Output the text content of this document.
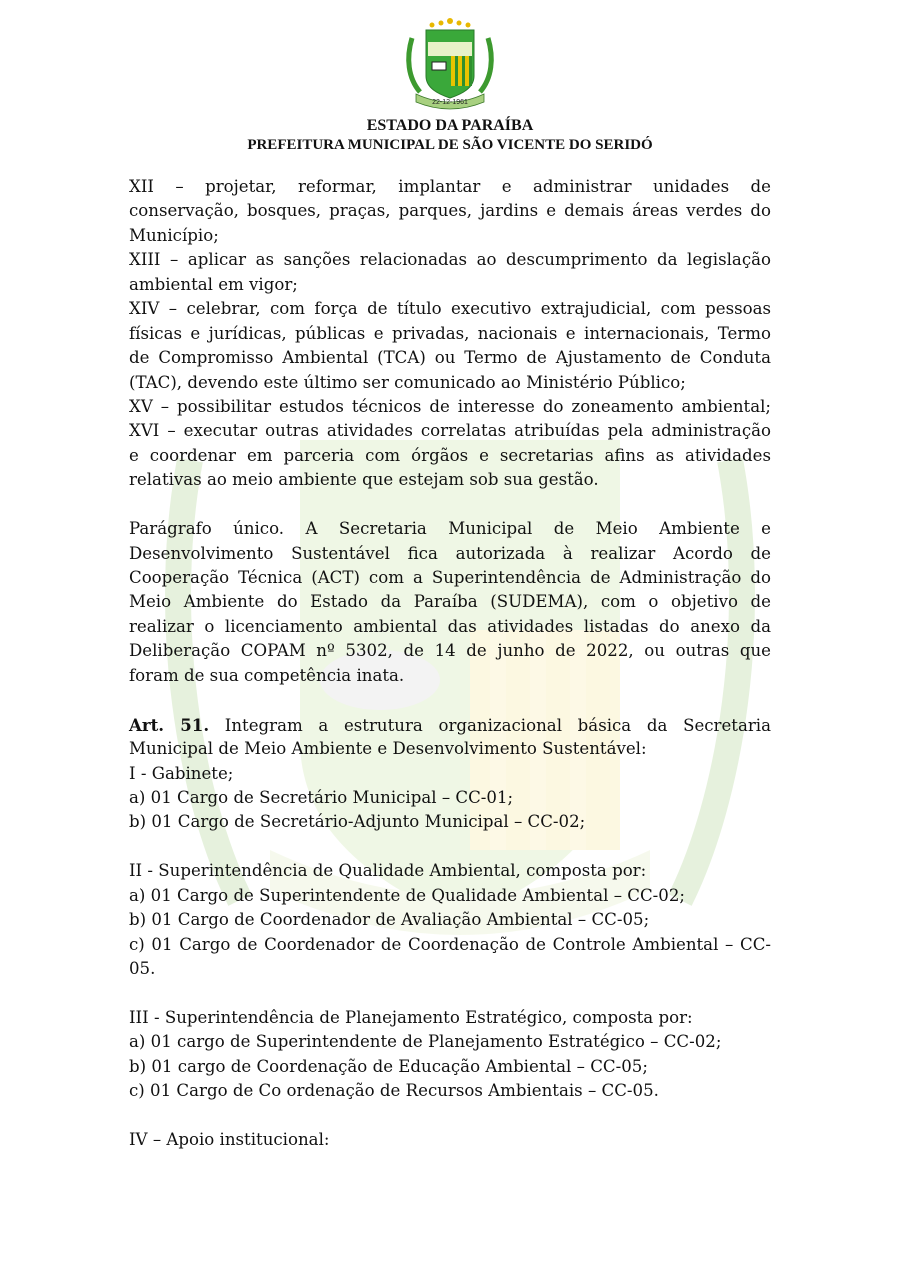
22-12-1961
ESTADO DA PARAÍBA
PREFEITURA MUNICIPAL DE SÃO VICENTE DO SERIDÓ
XII – projetar, reformar, implantar e administrar unidades de
conservação, bosques, praças, parques, jardins e demais áreas verdes do
Município;
XIII – aplicar as sanções relacionadas ao descumprimento da legislação
ambiental em vigor;
XIV – celebrar, com força de título executivo extrajudicial, com pessoas
físicas e jurídicas, públicas e privadas, nacionais e internacionais, Termo
de Compromisso Ambiental (TCA) ou Termo de Ajustamento de Conduta
(TAC), devendo este último ser comunicado ao Ministério Público;
XV – possibilitar estudos técnicos de interesse do zoneamento ambiental;
XVI – executar outras atividades correlatas atribuídas pela administração
e coordenar em parceria com órgãos e secretarias afins as atividades
relativas ao meio ambiente que estejam sob sua gestão.
Parágrafo único. A Secretaria Municipal de Meio Ambiente e
Desenvolvimento Sustentável fica autorizada à realizar Acordo de
Cooperação Técnica (ACT) com a Superintendência de Administração do
Meio Ambiente do Estado da Paraíba (SUDEMA), com o objetivo de
realizar o licenciamento ambiental das atividades listadas do anexo da
Deliberação COPAM nº 5302, de 14 de junho de 2022, ou outras que
foram de sua competência inata.
Art. 51. Integram a estrutura organizacional básica da Secretaria
Municipal de Meio Ambiente e Desenvolvimento Sustentável:
I - Gabinete;
a) 01 Cargo de Secretário Municipal – CC-01;
b) 01 Cargo de Secretário-Adjunto Municipal – CC-02;
II - Superintendência de Qualidade Ambiental, composta por:
a) 01 Cargo de Superintendente de Qualidade Ambiental – CC-02;
b) 01 Cargo de Coordenador de Avaliação Ambiental – CC-05;
c) 01 Cargo de Coordenador de Coordenação de Controle Ambiental – CC-
05.
III - Superintendência de Planejamento Estratégico, composta por:
a) 01 cargo de Superintendente de Planejamento Estratégico – CC-02;
b) 01 cargo de Coordenação de Educação Ambiental – CC-05;
c) 01 Cargo de Co ordenação de Recursos Ambientais – CC-05.
IV – Apoio institucional:
